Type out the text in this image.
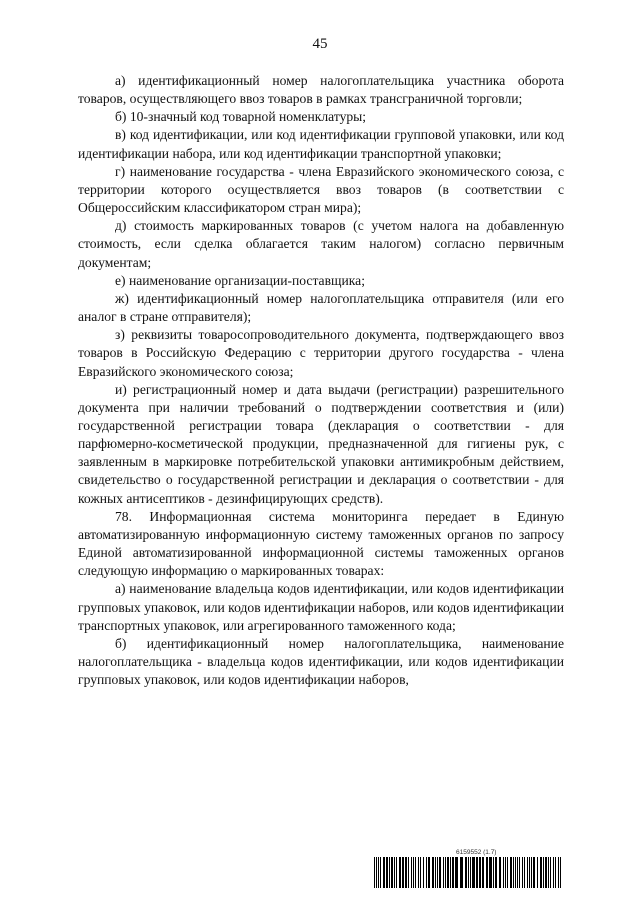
45

а) идентификационный номер налогоплательщика участника оборота товаров, осуществляющего ввоз товаров в рамках трансграничной торговли;

б) 10-значный код товарной номенклатуры;

в) код идентификации, или код идентификации групповой упаковки, или код идентификации набора, или код идентификации транспортной упаковки;

г) наименование государства - члена Евразийского экономического союза, с территории которого осуществляется ввоз товаров (в соответствии с Общероссийским классификатором стран мира);

д) стоимость маркированных товаров (с учетом налога на добавленную стоимость, если сделка облагается таким налогом) согласно первичным документам;

е) наименование организации-поставщика;

ж) идентификационный номер налогоплательщика отправителя (или его аналог в стране отправителя);

з) реквизиты товаросопроводительного документа, подтверждающего ввоз товаров в Российскую Федерацию с территории другого государства - члена Евразийского экономического союза;

и) регистрационный номер и дата выдачи (регистрации) разрешительного документа при наличии требований о подтверждении соответствия и (или) государственной регистрации товара (декларация о соответствии - для парфюмерно-косметической продукции, предназначенной для гигиены рук, с заявленным в маркировке потребительской упаковки антимикробным действием, свидетельство о государственной регистрации и декларация о соответствии - для кожных антисептиков - дезинфицирующих средств).

78. Информационная система мониторинга передает в Единую автоматизированную информационную систему таможенных органов по запросу Единой автоматизированной информационной системы таможенных органов следующую информацию о маркированных товарах:

а) наименование владельца кодов идентификации, или кодов идентификации групповых упаковок, или кодов идентификации наборов, или кодов идентификации транспортных упаковок, или агрегированного таможенного кода;

б) идентификационный номер налогоплательщика, наименование налогоплательщика - владельца кодов идентификации, или кодов идентификации групповых упаковок, или кодов идентификации наборов,

6159552 (1.7)
